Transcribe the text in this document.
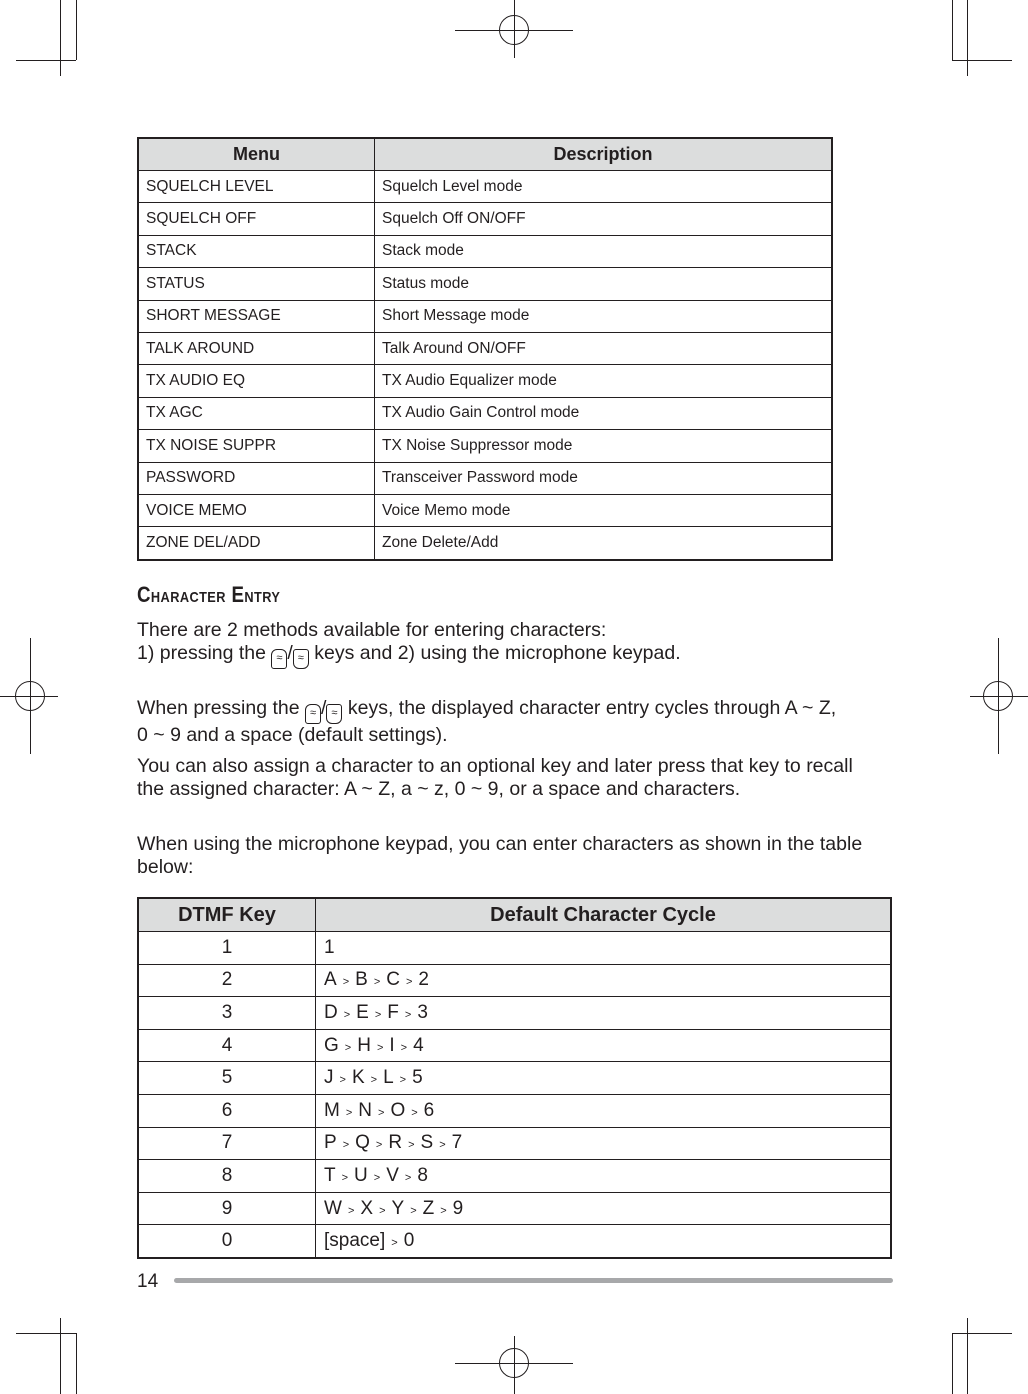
Menu	Description
SQUELCH LEVEL	Squelch Level mode
SQUELCH OFF	Squelch Off ON/OFF
STACK	Stack mode
STATUS	Status mode
SHORT MESSAGE	Short Message mode
TALK AROUND	Talk Around ON/OFF
TX AUDIO EQ	TX Audio Equalizer mode
TX AGC	TX Audio Gain Control mode
TX NOISE SUPPR	TX Noise Suppressor mode
PASSWORD	Transceiver Password mode
VOICE MEMO	Voice Memo mode
ZONE DEL/ADD	Zone Delete/Add
Character Entry
There are 2 methods available for entering characters:
1) pressing the ≈ / ≈ keys and 2) using the microphone keypad.
When pressing the ≈ / ≈ keys, the displayed character entry cycles through A ~ Z,
0 ~ 9 and a space (default settings).
You can also assign a character to an optional key and later press that key to recall the assigned character: A ~ Z, a ~ z, 0 ~ 9, or a space and characters.
When using the microphone keypad, you can enter characters as shown in the table below:
DTMF Key	Default Character Cycle
1	1
2	A > B > C > 2
3	D > E > F > 3
4	G > H > I > 4
5	J > K > L > 5
6	M > N > O > 6
7	P > Q > R > S > 7
8	T > U > V > 8
9	W > X > Y > Z > 9
0	[space] > 0
14
